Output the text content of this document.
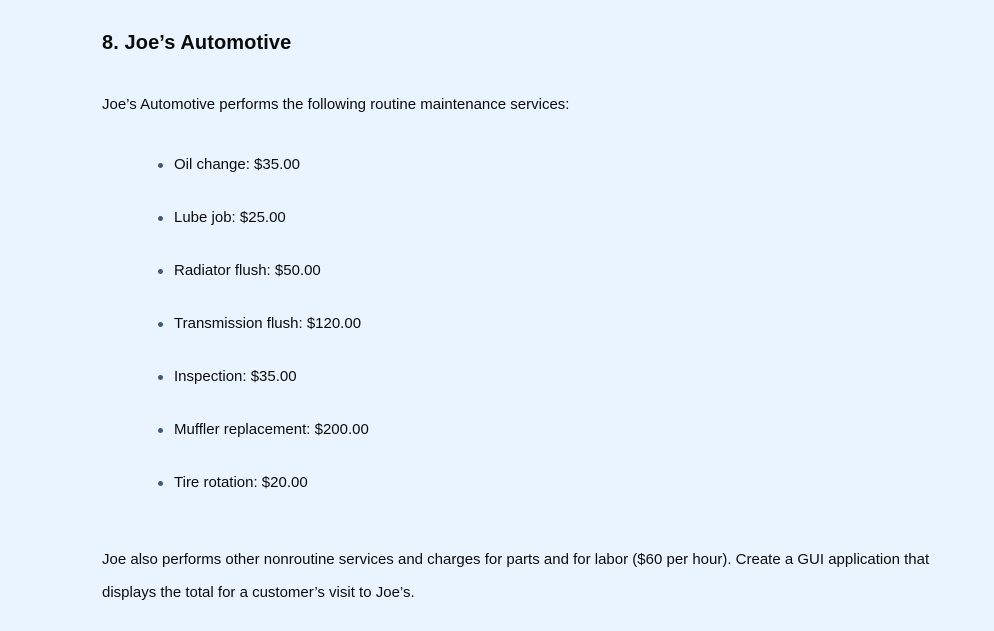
8. Joe’s Automotive

Joe’s Automotive performs the following routine maintenance services:

Oil change: $35.00
Lube job: $25.00
Radiator flush: $50.00
Transmission flush: $120.00
Inspection: $35.00
Muffler replacement: $200.00
Tire rotation: $20.00

Joe also performs other nonroutine services and charges for parts and for labor ($60 per hour). Create a GUI application that displays the total for a customer’s visit to Joe’s.
